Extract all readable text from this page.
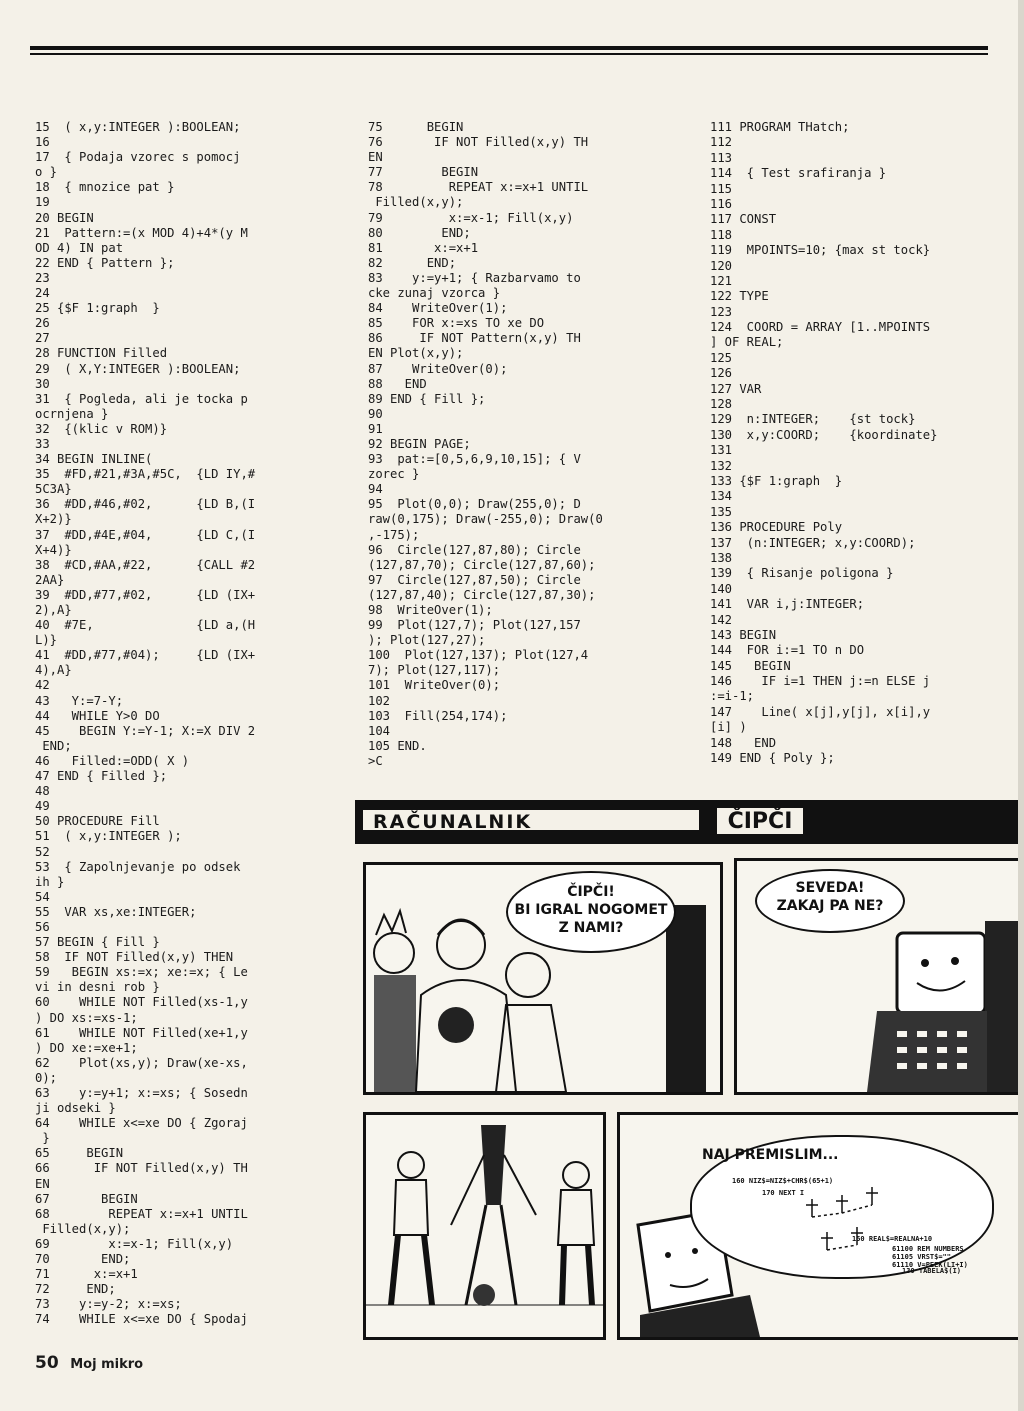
15  ( x,y:INTEGER ):BOOLEAN;
16
17  { Podaja vzorec s pomocj
o }
18  { mnozice pat }
19
20 BEGIN
21  Pattern:=(x MOD 4)+4*(y M
OD 4) IN pat
22 END { Pattern };
23
24
25 {$F 1:graph  }
26
27
28 FUNCTION Filled
29  ( X,Y:INTEGER ):BOOLEAN;
30
31  { Pogleda, ali je tocka p
ocrnjena }
32  {(klic v ROM)}
33
34 BEGIN INLINE(
35  #FD,#21,#3A,#5C,  {LD IY,#
5C3A}
36  #DD,#46,#02,      {LD B,(I
X+2)}
37  #DD,#4E,#04,      {LD C,(I
X+4)}
38  #CD,#AA,#22,      {CALL #2
2AA}
39  #DD,#77,#02,      {LD (IX+
2),A}
40  #7E,              {LD a,(H
L)}
41  #DD,#77,#04);     {LD (IX+
4),A}
42
43   Y:=7-Y;
44   WHILE Y>0 DO
45    BEGIN Y:=Y-1; X:=X DIV 2
END;
46   Filled:=ODD( X )
47 END { Filled };
48
49
50 PROCEDURE Fill
51  ( x,y:INTEGER );
52
53  { Zapolnjevanje po odsek
ih }
54
55  VAR xs,xe:INTEGER;
56
57 BEGIN { Fill }
58  IF NOT Filled(x,y) THEN
59   BEGIN xs:=x; xe:=x; { Le
vi in desni rob }
60    WHILE NOT Filled(xs-1,y
) DO xs:=xs-1;
61    WHILE NOT Filled(xe+1,y
) DO xe:=xe+1;
62    Plot(xs,y); Draw(xe-xs,
0);
63    y:=y+1; x:=xs; { Sosedn
ji odseki }
64    WHILE x<=xe DO { Zgoraj
}
65     BEGIN
66      IF NOT Filled(x,y) TH
EN
67       BEGIN
68        REPEAT x:=x+1 UNTIL
Filled(x,y);
69        x:=x-1; Fill(x,y)
70       END;
71      x:=x+1
72     END;
73    y:=y-2; x:=xs;
74    WHILE x<=xe DO { Spodaj
75      BEGIN
76       IF NOT Filled(x,y) TH
EN
77        BEGIN
78         REPEAT x:=x+1 UNTIL
Filled(x,y);
79         x:=x-1; Fill(x,y)
80        END;
81       x:=x+1
82      END;
83    y:=y+1; { Razbarvamo to
cke zunaj vzorca }
84    WriteOver(1);
85    FOR x:=xs TO xe DO
86     IF NOT Pattern(x,y) TH
EN Plot(x,y);
87    WriteOver(0);
88   END
89 END { Fill };
90
91
92 BEGIN PAGE;
93  pat:=[0,5,6,9,10,15]; { V
zorec }
94
95  Plot(0,0); Draw(255,0); D
raw(0,175); Draw(-255,0); Draw(0
,-175);
96  Circle(127,87,80); Circle
(127,87,70); Circle(127,87,60);
97  Circle(127,87,50); Circle
(127,87,40); Circle(127,87,30);
98  WriteOver(1);
99  Plot(127,7); Plot(127,157
); Plot(127,27);
100  Plot(127,137); Plot(127,4
7); Plot(127,117);
101  WriteOver(0);
102
103  Fill(254,174);
104
105 END.
>C
111 PROGRAM THatch;
112
113
114  { Test srafiranja }
115
116
117 CONST
118
119  MPOINTS=10; {max st tock}
120
121
122 TYPE
123
124  COORD = ARRAY [1..MPOINTS
] OF REAL;
125
126
127 VAR
128
129  n:INTEGER;    {st tock}
130  x,y:COORD;    {koordinate}
131
132
133 {$F 1:graph  }
134
135
136 PROCEDURE Poly
137  (n:INTEGER; x,y:COORD);
138
139  { Risanje poligona }
140
141  VAR i,j:INTEGER;
142
143 BEGIN
144  FOR i:=1 TO n DO
145   BEGIN
146    IF i=1 THEN j:=n ELSE j
:=i-1;
147    Line( x[j],y[j], x[i],y
[i] )
148   END
149 END { Poly };
RAČUNALNIK	ČIPČI
ČIPČI!
BI IGRAL NOGOMET
Z NAMI?
SEVEDA!
ZAKAJ PA NE?
NAJ PREMISLIM...
160 NIZ$=NIZ$+CHR$(65+1)
170 NEXT I
150 REAL$=REALNA+10
61100 REM NUMBERS
61105 VRST$=""
61110 V=PEEK(LI+I)
130 TABELA$(I)
50 Moj mikro
